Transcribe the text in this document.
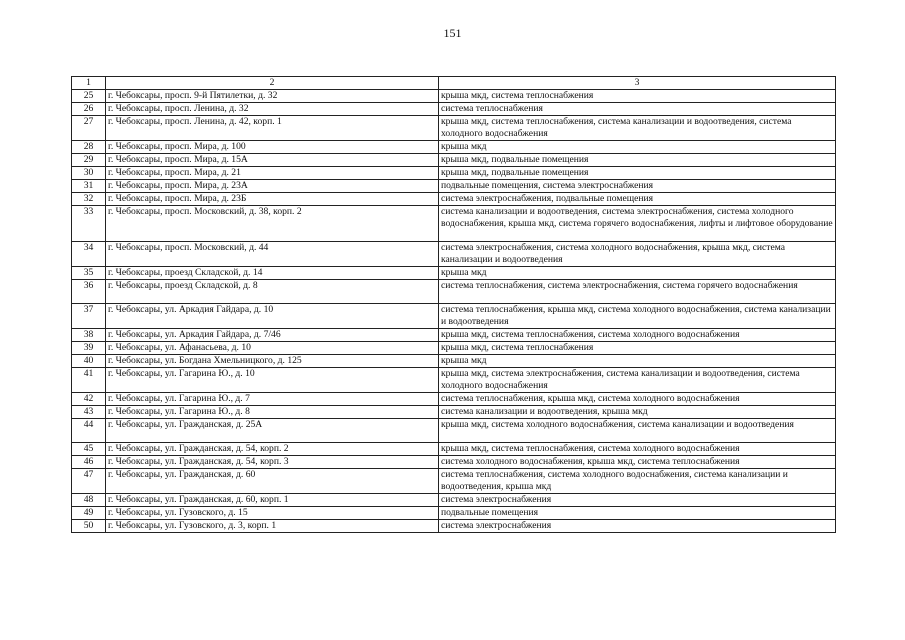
151
1	2	3
25	г. Чебоксары, просп. 9-й Пятилетки, д. 32	крыша мкд, система теплоснабжения
26	г. Чебоксары, просп. Ленина, д. 32	система теплоснабжения
27	г. Чебоксары, просп. Ленина, д. 42, корп. 1	крыша мкд, система теплоснабжения, система канализации и водоотведения, система холодного водоснабжения
28	г. Чебоксары, просп. Мира, д. 100	крыша мкд
29	г. Чебоксары, просп. Мира, д. 15А	крыша мкд, подвальные помещения
30	г. Чебоксары, просп. Мира, д. 21	крыша мкд, подвальные помещения
31	г. Чебоксары, просп. Мира, д. 23А	подвальные помещения, система электроснабжения
32	г. Чебоксары, просп. Мира, д. 23Б	система электроснабжения, подвальные помещения
33	г. Чебоксары, просп. Московский, д. 38, корп. 2	система канализации и водоотведения, система электроснабжения, система холодного водоснабжения, крыша мкд, система горячего водоснабжения, лифты и лифтовое оборудование
34	г. Чебоксары, просп. Московский, д. 44	система электроснабжения, система холодного водоснабжения, крыша мкд, система канализации и водоотведения
35	г. Чебоксары, проезд Складской, д. 14	крыша мкд
36	г. Чебоксары, проезд Складской, д. 8	система теплоснабжения, система электроснабжения, система горячего водоснабжения
37	г. Чебоксары, ул. Аркадия Гайдара, д. 10	система теплоснабжения, крыша мкд, система холодного водоснабжения, система канализации и водоотведения
38	г. Чебоксары, ул. Аркадия Гайдара, д. 7/46	крыша мкд, система теплоснабжения, система холодного водоснабжения
39	г. Чебоксары, ул. Афанасьева, д. 10	крыша мкд, система теплоснабжения
40	г. Чебоксары, ул. Богдана Хмельницкого, д. 125	крыша мкд
41	г. Чебоксары, ул. Гагарина Ю., д. 10	крыша мкд, система электроснабжения, система канализации и водоотведения, система холодного водоснабжения
42	г. Чебоксары, ул. Гагарина Ю., д. 7	система теплоснабжения, крыша мкд, система холодного водоснабжения
43	г. Чебоксары, ул. Гагарина Ю., д. 8	система канализации и водоотведения, крыша мкд
44	г. Чебоксары, ул. Гражданская, д. 25А	крыша мкд, система холодного водоснабжения, система канализации и водоотведения
45	г. Чебоксары, ул. Гражданская, д. 54, корп. 2	крыша мкд, система теплоснабжения, система холодного водоснабжения
46	г. Чебоксары, ул. Гражданская, д. 54, корп. 3	система холодного водоснабжения, крыша мкд, система теплоснабжения
47	г. Чебоксары, ул. Гражданская, д. 60	система теплоснабжения, система холодного водоснабжения, система канализации и водоотведения, крыша мкд
48	г. Чебоксары, ул. Гражданская, д. 60, корп. 1	система электроснабжения
49	г. Чебоксары, ул. Гузовского, д. 15	подвальные помещения
50	г. Чебоксары, ул. Гузовского, д. 3, корп. 1	система электроснабжения
